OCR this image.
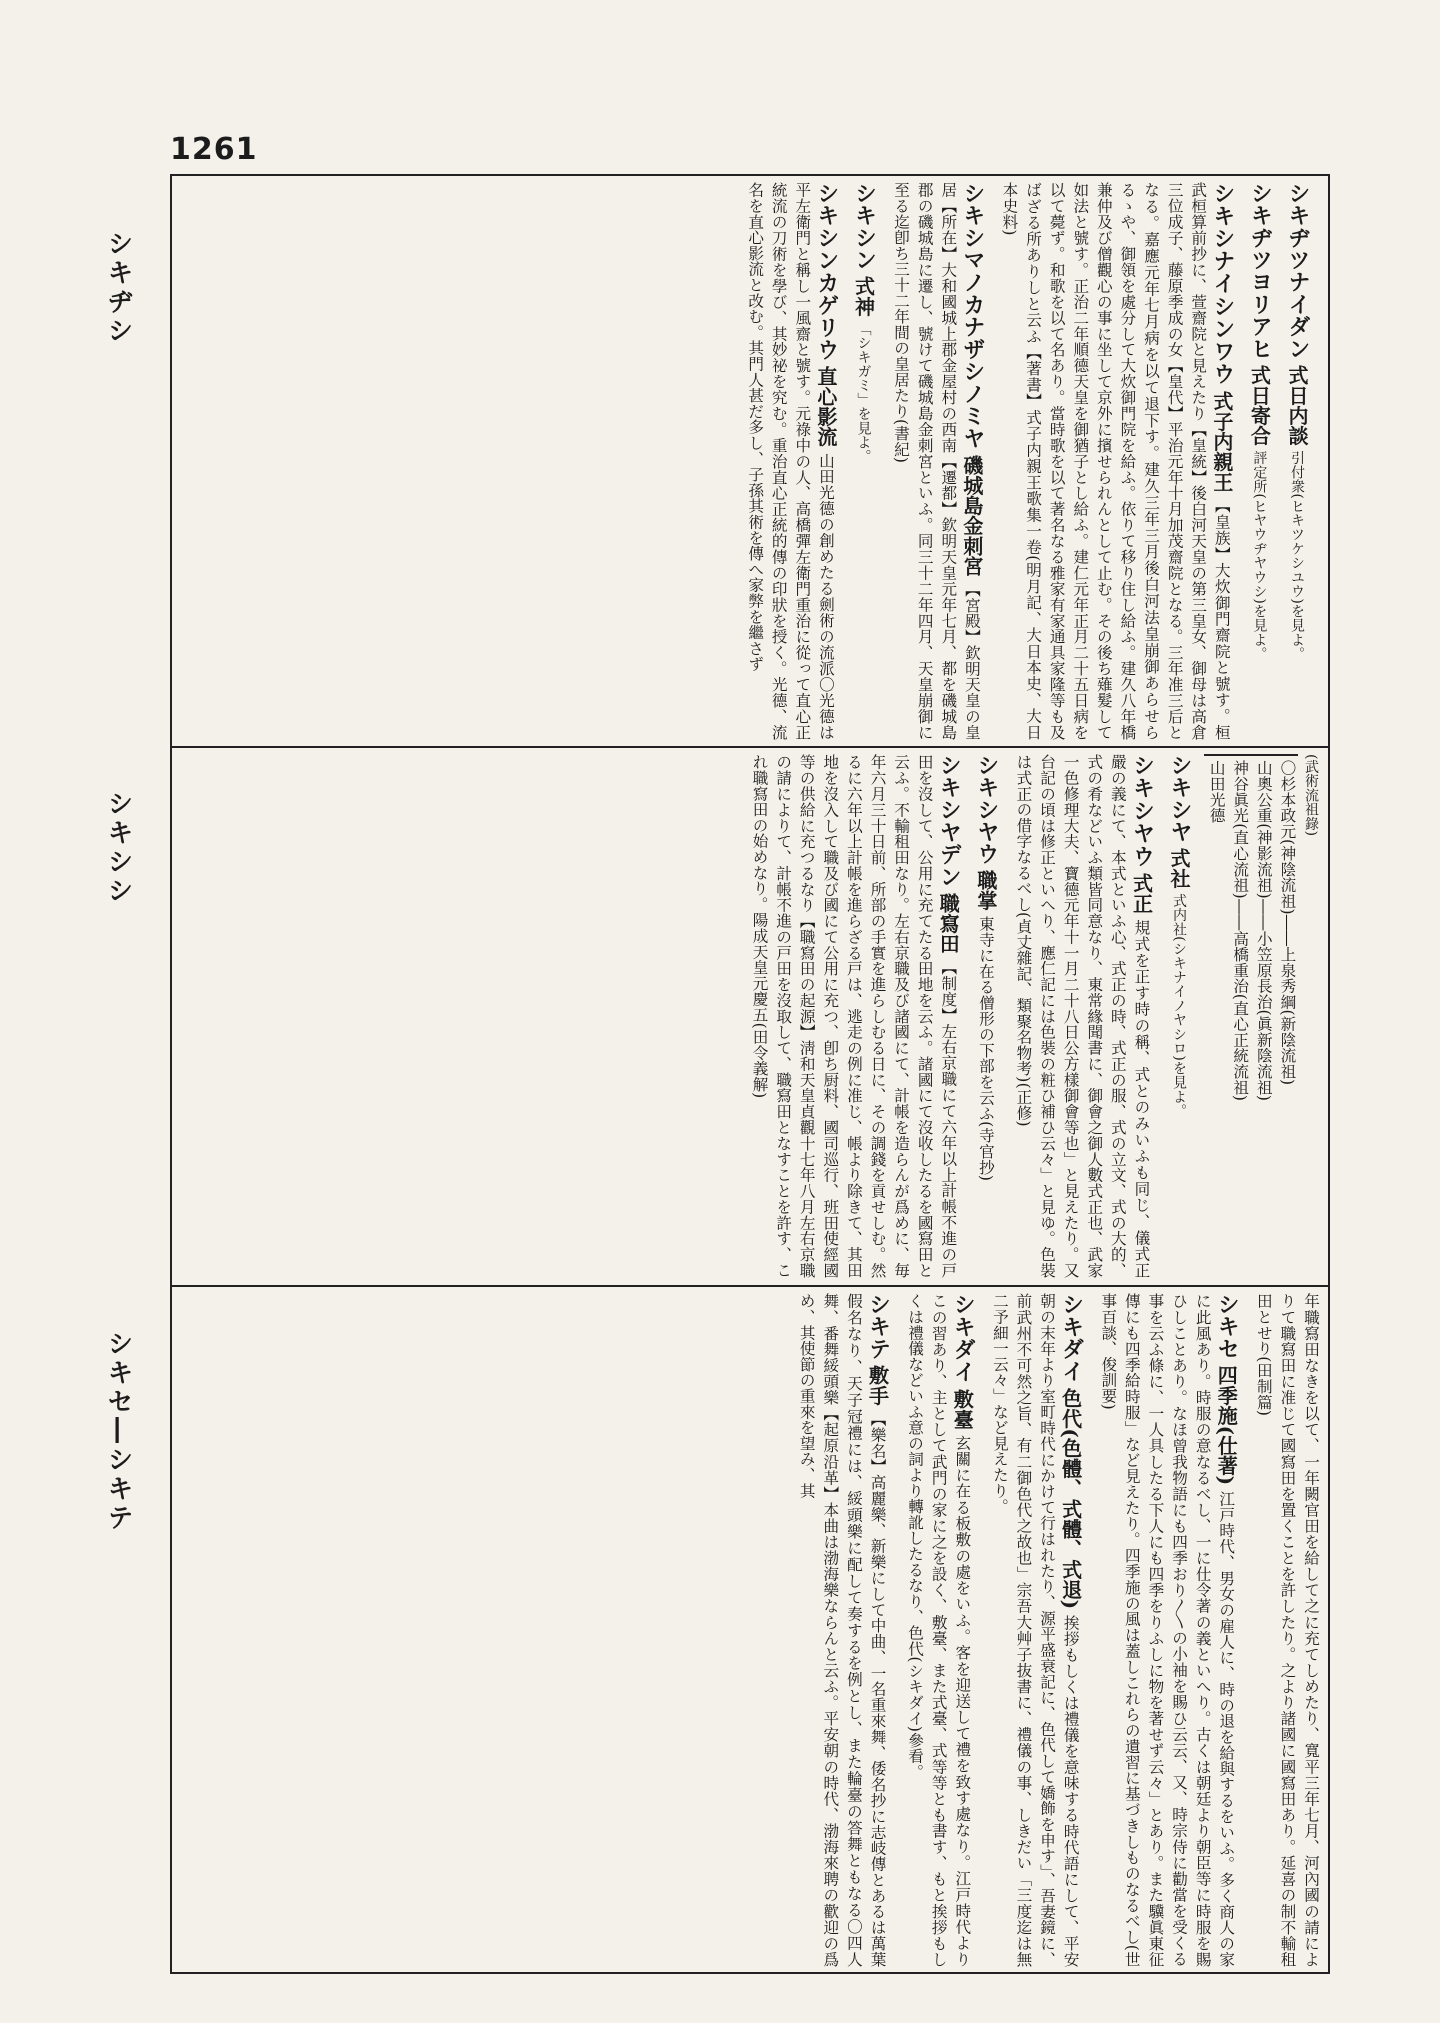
1261
シキヂシ
シキシシ
シキセ―シキテ
シキヂツナイダン 式日内談 引付衆(ヒキツケシユウ)を見よ。
シキヂツヨリアヒ 式日寄合 評定所(ヒヤウヂヤウシ)を見よ。
シキシナイシンワウ 式子内親王 【皇族】大炊御門齋院と號す。桓武桓算前抄に、萱齋院と見えたり【皇統】後白河天皇の第三皇女、御母は高倉三位成子、藤原季成の女【皇代】平治元年十月加茂齋院となる。三年准三后となる。嘉應元年七月病を以て退下す。建久三年三月後白河法皇崩御あらせらるゝや、御領を處分して大炊御門院を給ふ。依りて移り住し給ふ。建久八年橋兼仲及び僧觀心の事に坐して京外に擯せられんとして止む。その後ち薙髮して如法と號す。正治二年順德天皇を御猶子とし給ふ。建仁元年正月二十五日病を以て薨ず。和歌を以て名あり。當時歌を以て著名なる雅家有家通具家隆等も及ばざる所ありしと云ふ【著書】式子内親王歌集一卷(明月記、大日本史、大日本史料)
シキシマノカナザシノミヤ 磯城島金刺宮 【宮殿】欽明天皇の皇居【所在】大和國城上郡金屋村の西南【遷都】欽明天皇元年七月、都を磯城島郡の磯城島に遷し、號けて磯城島金刺宮といふ。同三十二年四月、天皇崩御に至る迄卽ち三十二年間の皇居たり(書紀)
シキシン 式神 「シキガミ」を見よ。
シキシンカゲリウ 直心影流 山田光德の創めたる劍術の流派〇光德は平左衛門と稱し一風齋と號す。元祿中の人、高橋彈左衛門重治に從って直心正統流の刀術を學び、其妙祕を究む。重治直心正統的傳の印狀を授く。光德、流名を直心影流と改む。其門人甚だ多し、子孫其術を傳へ家弊を繼さず
(武術流祖錄)
〇杉本政元(神陰流祖)――上泉秀綱(新陰流祖)
山奧公重(神影流祖)――小笠原長治(眞新陰流祖)
神谷眞光(直心流祖)――高橋重治(直心正統流祖)
山田光德
シキシヤ 式社 式内社(シキナイノヤシロ)を見よ。
シキシヤウ 式正 規式を正す時の稱、式とのみいふも同じ、儀式正嚴の義にて、本式といふ心、式正の時、式正の服、式の立文、式の大的、式の肴などいふ類皆同意なり、東常緣聞書に、御會之御人數式正也、武家一色修理大夫、寶德元年十一月二十八日公方樣御會等也」と見えたり。又台記の頃は修正といへり、應仁記には色裝の粧ひ補ひ云々」と見ゆ。色裝は式正の借字なるべし(貞丈雜記、類聚名物考)(正修)
シキシヤウ 職掌 東寺に在る僧形の下部を云ふ(寺官抄)
シキシヤデン 職寫田 【制度】左右京職にて六年以上計帳不進の戸田を沒して、公用に充てたる田地を云ふ。諸國にて沒收したるを國寫田と云ふ。不輸租田なり。左右京職及び諸國にて、計帳を造らんが爲めに、毎年六月三十日前、所部の手實を進らしむる日に、その調錢を貢せしむ。然るに六年以上計帳を進らざる戸は、逃走の例に准じ、帳より除きて、其田地を沒入して職及び國にて公用に充つ、卽ち厨料、國司巡行、班田使經國等の供給に充つるなり【職寫田の起源】淸和天皇貞觀十七年八月左右京職の請によりて、計帳不進の戸田を沒取して、職寫田となすことを許す、これ職寫田の始めなり。陽成天皇元慶五(田令義解)
年職寫田なきを以て、一年闕官田を給して之に充てしめたり、寬平三年七月、河內國の請によりて職寫田に准じて國寫田を置くことを許したり。之より諸國に國寫田あり。延喜の制不輸租田とせり(田制篇)
シキセ 四季施(仕著) 江戸時代、男女の雇人に、時の退を給與するをいふ。多く商人の家に此風あり。時服の意なるべし、一に仕令著の義といへり。古くは朝廷より朝臣等に時服を賜ひしことあり。なほ曾我物語にも四季おり〳〵の小袖を賜ひ云云、又、時宗侍に勸當を受くる事を云ふ條に、一人具したる下人にも四季をりふしに物を著せず云々」とあり。また驥眞東征傳にも四季給時服」など見えたり。四季施の風は蓋しこれらの遺習に基づきしものなるべし(世事百談、俊訓要)
シキダイ 色代(色體、式體、式退) 挨拶もしくは禮儀を意味する時代語にして、平安朝の末年より室町時代にかけて行はれたり、源平盛衰記に、色代して嬌飾を申す」、吾妻鏡に、前武州不可然之旨、有二御色代之故也」宗吾大艸子抜書に、禮儀の事、しきだい「三度迄は無二予細一云々」など見えたり。
シキダイ 敷臺 玄關に在る板敷の處をいふ。客を迎送して禮を致す處なり。江戸時代よりこの習あり、主として武門の家に之を設く、敷臺、また式臺、式等等とも書す、もと挨拶もしくは禮儀などいふ意の詞より轉訛したるなり、色代(シキダイ)參看。
シキテ 敷手 【樂名】高麗樂、新樂にして中曲、一名重來舞、倭名抄に志岐傳とあるは萬葉假名なり、天子冠禮には、綏頭樂に配して奏するを例とし、また輪臺の答舞ともなる〇四人舞、番舞綏頭樂【起原沿革】本曲は渤海樂ならんと云ふ。平安朝の時代、渤海來聘の歡迎の爲め、其使節の重來を望み、其
